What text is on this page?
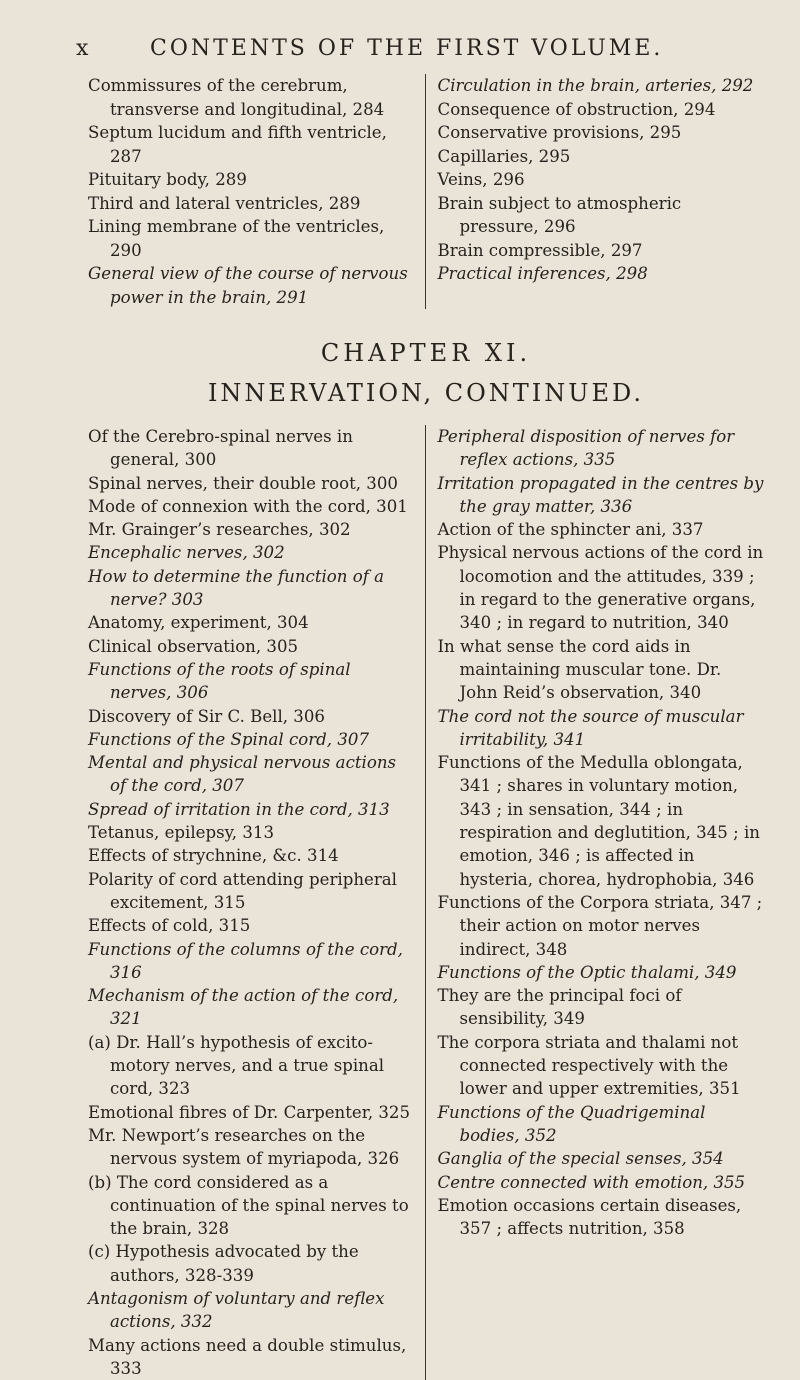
x	CONTENTS OF THE FIRST VOLUME.
Commissures of the cerebrum, transverse and longitudinal, 284
Septum lucidum and fifth ventricle, 287
Pituitary body, 289
Third and lateral ventricles, 289
Lining membrane of the ventricles, 290
General view of the course of nervous power in the brain, 291
Circulation in the brain, arteries, 292
Consequence of obstruction, 294
Conservative provisions, 295
Capillaries, 295
Veins, 296
Brain subject to atmospheric pressure, 296
Brain compressible, 297
Practical inferences, 298
CHAPTER XI.
INNERVATION, CONTINUED.
Of the Cerebro-spinal nerves in general, 300
Spinal nerves, their double root, 300
Mode of connexion with the cord, 301
Mr. Grainger’s researches, 302
Encephalic nerves, 302
How to determine the function of a nerve? 303
Anatomy, experiment, 304
Clinical observation, 305
Functions of the roots of spinal nerves, 306
Discovery of Sir C. Bell, 306
Functions of the Spinal cord, 307
Mental and physical nervous actions of the cord, 307
Spread of irritation in the cord, 313
Tetanus, epilepsy, 313
Effects of strychnine, &c. 314
Polarity of cord attending peripheral excitement, 315
Effects of cold, 315
Functions of the columns of the cord, 316
Mechanism of the action of the cord, 321
(a) Dr. Hall’s hypothesis of excito-motory nerves, and a true spinal cord, 323
Emotional fibres of Dr. Carpenter, 325
Mr. Newport’s researches on the nervous system of myriapoda, 326
(b) The cord considered as a continuation of the spinal nerves to the brain, 328
(c) Hypothesis advocated by the authors, 328-339
Antagonism of voluntary and reflex actions, 332
Many actions need a double stimulus, 333
Peripheral disposition of nerves for reflex actions, 335
Irritation propagated in the centres by the gray matter, 336
Action of the sphincter ani, 337
Physical nervous actions of the cord in locomotion and the attitudes, 339 ; in regard to the generative organs, 340 ; in regard to nutrition, 340
In what sense the cord aids in maintaining muscular tone. Dr. John Reid’s observation, 340
The cord not the source of muscular irritability, 341
Functions of the Medulla oblongata, 341 ; shares in voluntary motion, 343 ; in sensation, 344 ; in respiration and deglutition, 345 ; in emotion, 346 ; is affected in hysteria, chorea, hydrophobia, 346
Functions of the Corpora striata, 347 ; their action on motor nerves indirect, 348
Functions of the Optic thalami, 349
They are the principal foci of sensibility, 349
The corpora striata and thalami not connected respectively with the lower and upper extremities, 351
Functions of the Quadrigeminal bodies, 352
Ganglia of the special senses, 354
Centre connected with emotion, 355
Emotion occasions certain diseases, 357 ; affects nutrition, 358
